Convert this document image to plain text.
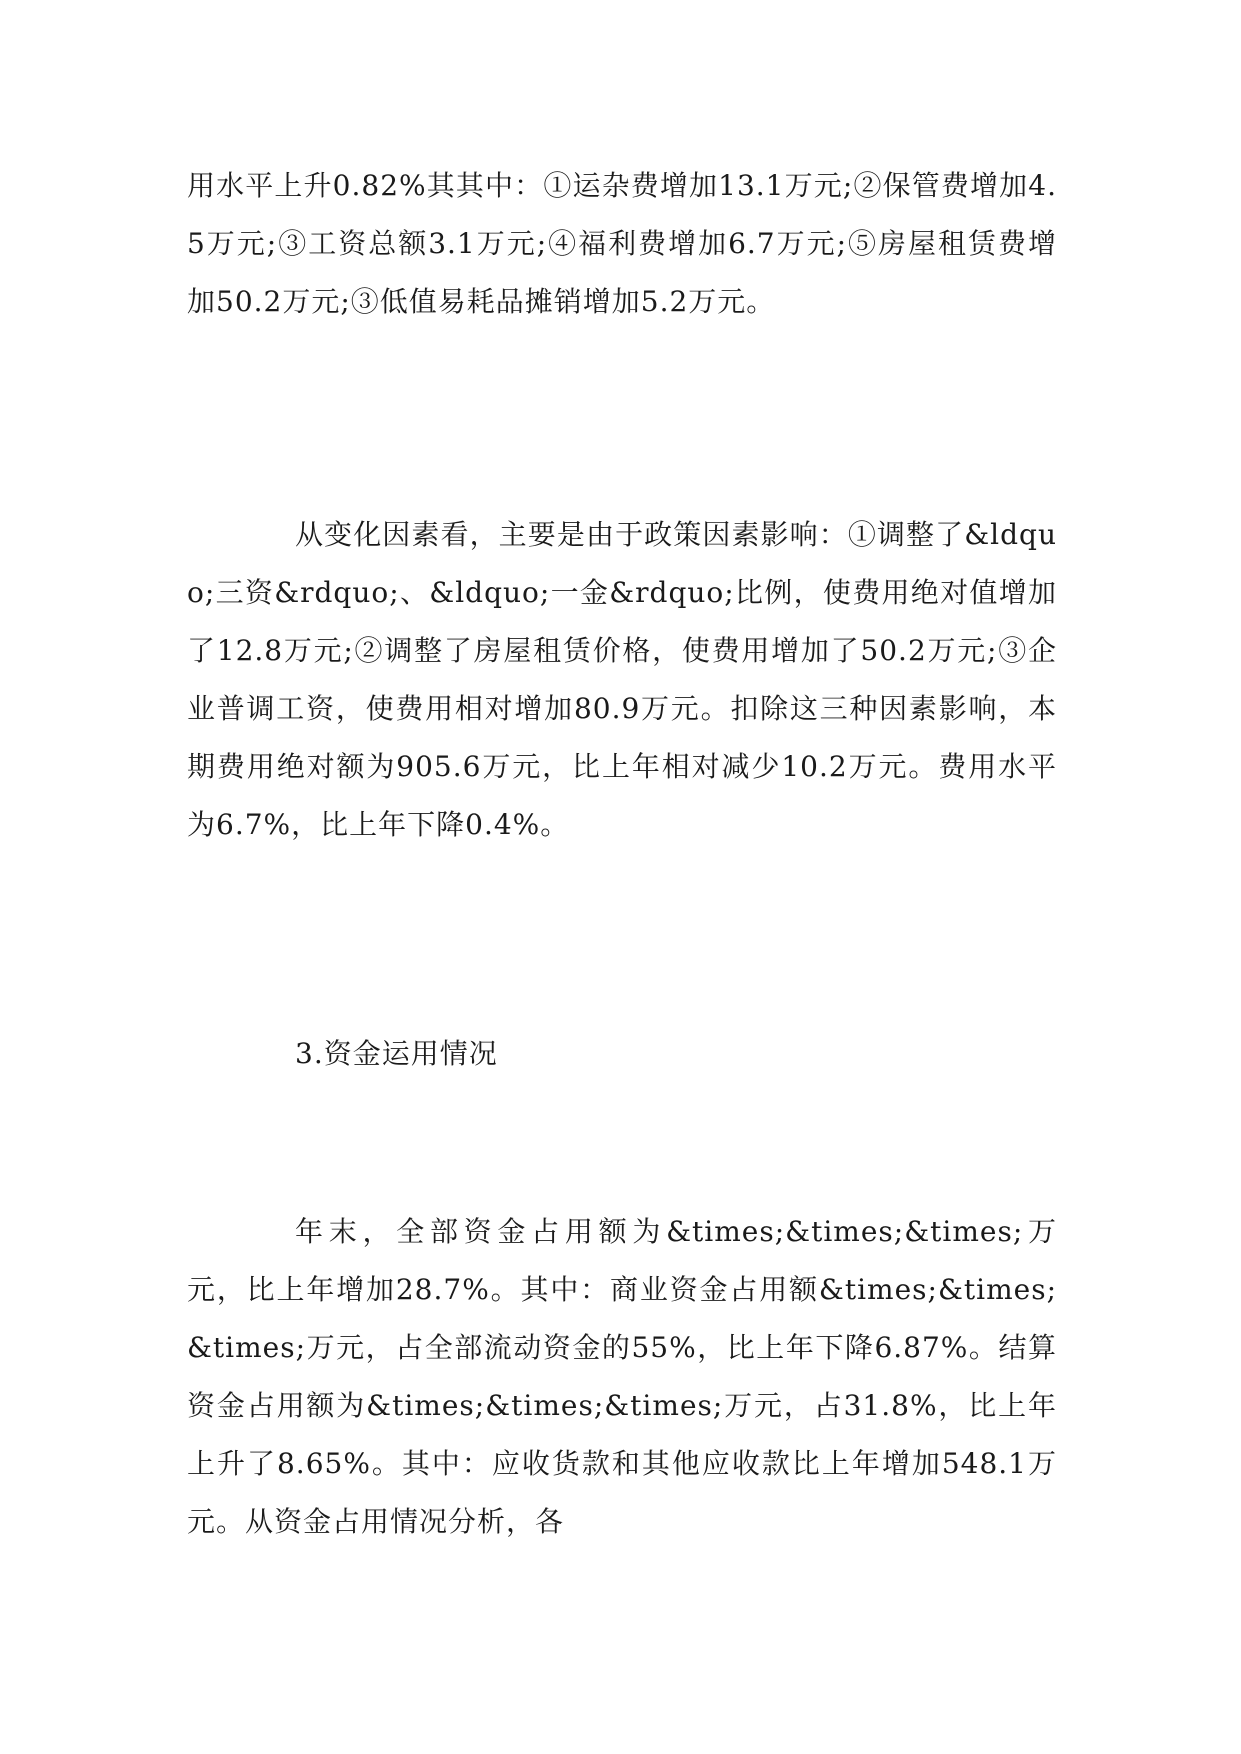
用水平上升0.82%其其中：①运杂费增加13.1万元;②保管费增加4.5万元;③工资总额3.1万元;④福利费增加6.7万元;⑤房屋租赁费增加50.2万元;③低值易耗品摊销增加5.2万元。

从变化因素看，主要是由于政策因素影响：①调整了&ldquo;三资&rdquo;、&ldquo;一金&rdquo;比例，使费用绝对值增加了12.8万元;②调整了房屋租赁价格，使费用增加了50.2万元;③企业普调工资，使费用相对增加80.9万元。扣除这三种因素影响，本期费用绝对额为905.6万元，比上年相对减少10.2万元。费用水平为6.7%，比上年下降0.4%。

3.资金运用情况

年末，全部资金占用额为&times;&times;&times;万元，比上年增加28.7%。其中：商业资金占用额&times;&times;&times;万元，占全部流动资金的55%，比上年下降6.87%。结算资金占用额为&times;&times;&times;万元，占31.8%，比上年上升了8.65%。其中：应收货款和其他应收款比上年增加548.1万元。从资金占用情况分析，各
